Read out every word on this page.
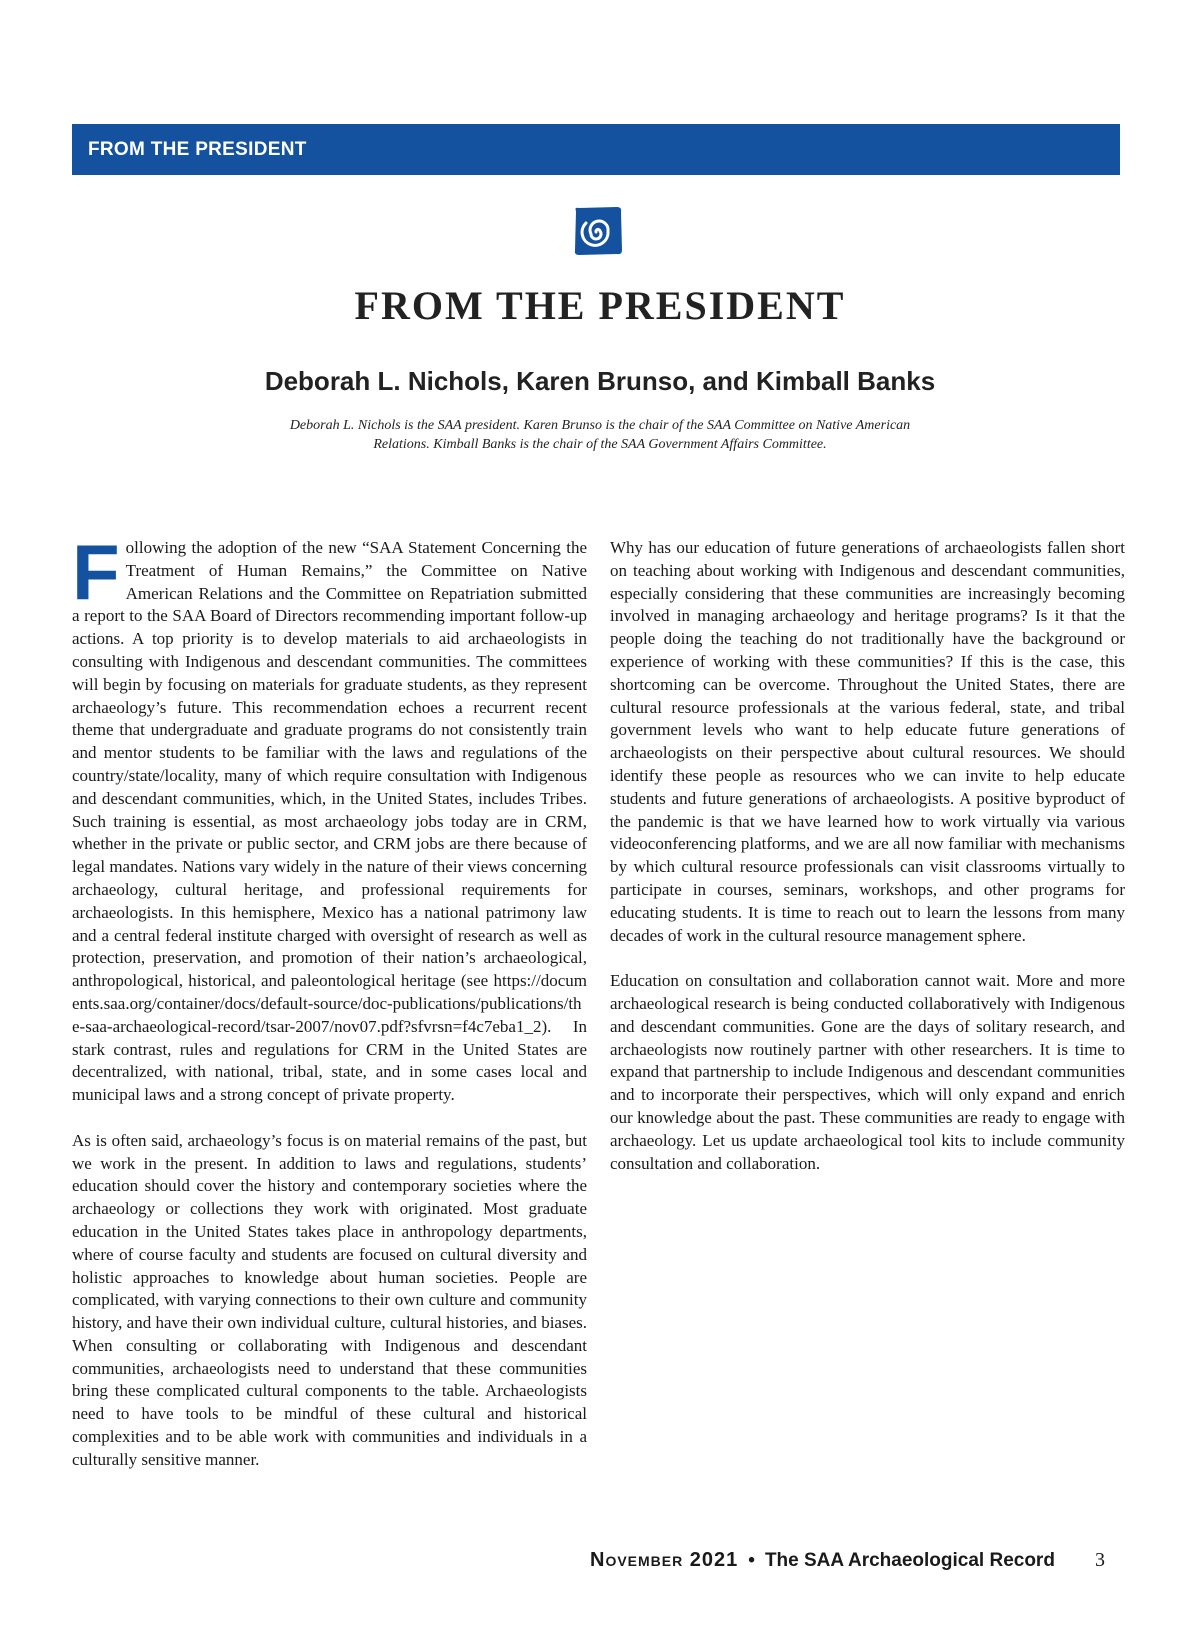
FROM THE PRESIDENT
FROM THE PRESIDENT
Deborah L. Nichols, Karen Brunso, and Kimball Banks

Deborah L. Nichols is the SAA president. Karen Brunso is the chair of the SAA Committee on Native American Relations. Kimball Banks is the chair of the SAA Government Affairs Committee.

Following the adoption of the new “SAA Statement Concerning the Treatment of Human Remains,” the Committee on Native American Relations and the Committee on Repatriation submitted a report to the SAA Board of Directors recommending important follow-up actions. A top priority is to develop materials to aid archaeologists in consulting with Indigenous and descendant communities. The committees will begin by focusing on materials for graduate students, as they represent archaeology’s future. This recommendation echoes a recurrent recent theme that undergraduate and graduate programs do not consistently train and mentor students to be familiar with the laws and regulations of the country/state/locality, many of which require consultation with Indigenous and descendant communities, which, in the United States, includes Tribes. Such training is essential, as most archaeology jobs today are in CRM, whether in the private or public sector, and CRM jobs are there because of legal mandates. Nations vary widely in the nature of their views concerning archaeology, cultural heritage, and professional requirements for archaeologists. In this hemisphere, Mexico has a national patrimony law and a central federal institute charged with oversight of research as well as protection, preservation, and promotion of their nation’s archaeological, anthropological, historical, and paleontological heritage (see https://documents.saa.org/container/docs/default-source/doc-publications/publications/the-saa-archaeological-record/tsar-2007/nov07.pdf?sfvrsn=f4c7eba1_2). In stark contrast, rules and regulations for CRM in the United States are decentralized, with national, tribal, state, and in some cases local and municipal laws and a strong concept of private property.

As is often said, archaeology’s focus is on material remains of the past, but we work in the present. In addition to laws and regulations, students’ education should cover the history and contemporary societies where the archaeology or collections they work with originated. Most graduate education in the United States takes place in anthropology departments, where of course faculty and students are focused on cultural diversity and holistic approaches to knowledge about human societies. People are complicated, with varying connections to their own culture and community history, and have their own individual culture, cultural histories, and biases. When consulting or collaborating with Indigenous and descendant communities, archaeologists need to understand that these communities bring these complicated cultural components to the table. Archaeologists need to have tools to be mindful of these cultural and historical complexities and to be able work with communities and individuals in a culturally sensitive manner.

Why has our education of future generations of archaeologists fallen short on teaching about working with Indigenous and descendant communities, especially considering that these communities are increasingly becoming involved in managing archaeology and heritage programs? Is it that the people doing the teaching do not traditionally have the background or experience of working with these communities? If this is the case, this shortcoming can be overcome. Throughout the United States, there are cultural resource professionals at the various federal, state, and tribal government levels who want to help educate future generations of archaeologists on their perspective about cultural resources. We should identify these people as resources who we can invite to help educate students and future generations of archaeologists. A positive byproduct of the pandemic is that we have learned how to work virtually via various videoconferencing platforms, and we are all now familiar with mechanisms by which cultural resource professionals can visit classrooms virtually to participate in courses, seminars, workshops, and other programs for educating students. It is time to reach out to learn the lessons from many decades of work in the cultural resource management sphere.

Education on consultation and collaboration cannot wait. More and more archaeological research is being conducted collaboratively with Indigenous and descendant communities. Gone are the days of solitary research, and archaeologists now routinely partner with other researchers. It is time to expand that partnership to include Indigenous and descendant communities and to incorporate their perspectives, which will only expand and enrich our knowledge about the past. These communities are ready to engage with archaeology. Let us update archaeological tool kits to include community consultation and collaboration.

November 2021 • The SAA Archaeological Record	3
